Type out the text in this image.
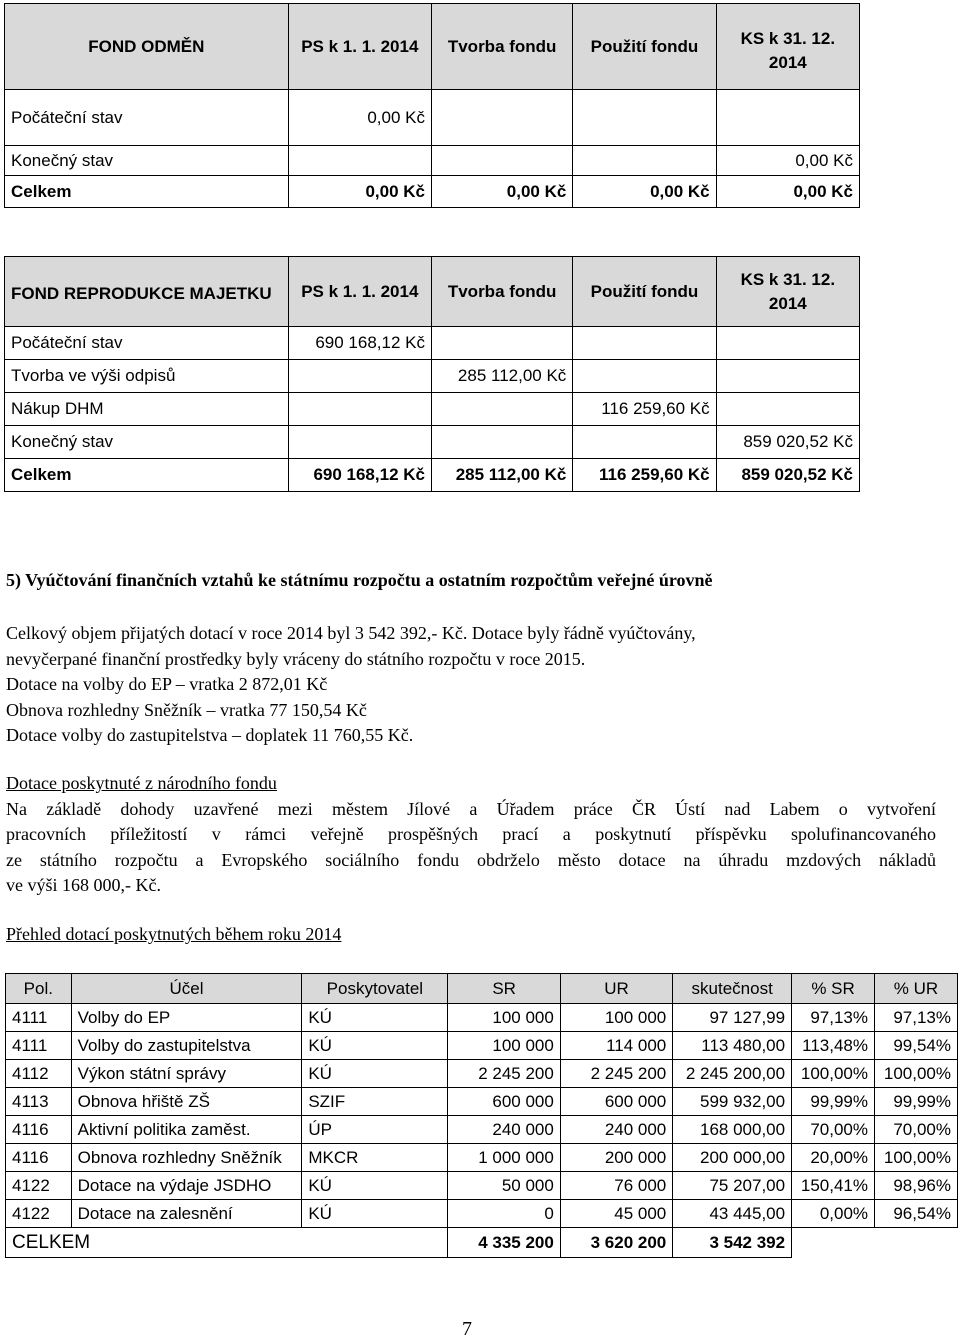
FOND ODMĚN	PS k 1. 1. 2014	Tvorba fondu	Použití fondu	KS k 31. 12.
2014
Počáteční stav	0,00 Kč			
Konečný stav				0,00 Kč
Celkem	0,00 Kč	0,00 Kč	0,00 Kč	0,00 Kč
FOND REPRODUKCE MAJETKU	PS k 1. 1. 2014	Tvorba fondu	Použití fondu	KS k 31. 12.
2014
Počáteční stav	690 168,12 Kč			
Tvorba ve výši odpisů		285 112,00 Kč		
Nákup DHM			116 259,60 Kč	
Konečný stav				859 020,52 Kč
Celkem	690 168,12 Kč	285 112,00 Kč	116 259,60 Kč	859 020,52 Kč
5) Vyúčtování finančních vztahů ke státnímu rozpočtu a ostatním rozpočtům veřejné úrovně
Celkový objem přijatých dotací v roce 2014 byl 3 542 392,- Kč. Dotace byly řádně vyúčtovány,
nevyčerpané finanční prostředky byly vráceny do státního rozpočtu v roce 2015.
Dotace na volby do EP – vratka 2 872,01 Kč
Obnova rozhledny Sněžník – vratka 77 150,54 Kč
Dotace volby do zastupitelstva – doplatek 11 760,55 Kč.
Dotace poskytnuté z národního fondu
Na základě dohody uzavřené mezi městem Jílové a Úřadem práce ČR Ústí nad Labem o vytvoření
pracovních příležitostí v rámci veřejně prospěšných prací a poskytnutí příspěvku spolufinancovaného
ze státního rozpočtu a Evropského sociálního fondu obdrželo město dotace na úhradu mzdových nákladů
ve výši 168 000,- Kč.
Přehled dotací poskytnutých během roku 2014
Pol.	Účel	Poskytovatel	SR	UR	skutečnost	% SR	% UR
4111	Volby do EP	KÚ	100 000	100 000	97 127,99	97,13%	97,13%
4111	Volby do zastupitelstva	KÚ	100 000	114 000	113 480,00	113,48%	99,54%
4112	Výkon státní správy	KÚ	2 245 200	2 245 200	2 245 200,00	100,00%	100,00%
4113	Obnova hřiště ZŠ	SZIF	600 000	600 000	599 932,00	99,99%	99,99%
4116	Aktivní politika zaměst.	ÚP	240 000	240 000	168 000,00	70,00%	70,00%
4116	Obnova rozhledny Sněžník	MKCR	1 000 000	200 000	200 000,00	20,00%	100,00%
4122	Dotace na výdaje JSDHO	KÚ	50 000	76 000	75 207,00	150,41%	98,96%
4122	Dotace na zalesnění	KÚ	0	45 000	43 445,00	0,00%	96,54%
CELKEM			4 335 200	3 620 200	3 542 392		
7
